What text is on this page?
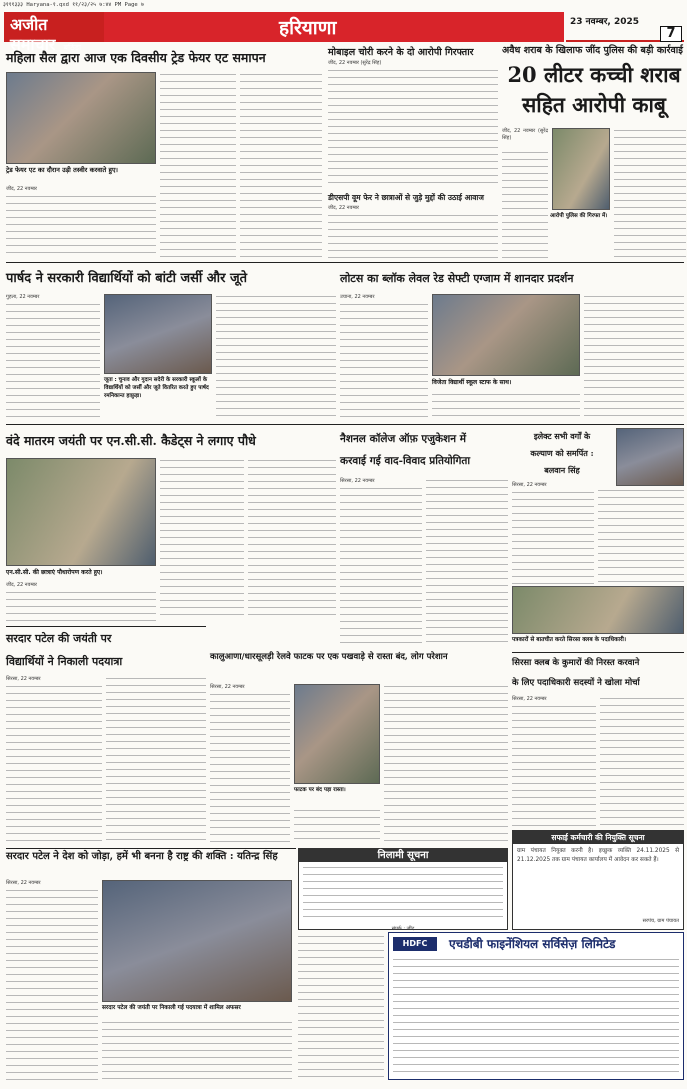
३१११३३३ Haryana-१.qxd ११/२३/२५ ७:४४ PM Page ७
अजीत समाचार बठिंडा
हरियाणा	23 नवम्बर, 2025
7
महिला सैल द्वारा आज एक दिवसीय ट्रेड फेयर एट समापन
ट्रेड फेयर एट का दौरान उड़ी तस्वीर करवाते हुए।
जींद, 22 नवम्बर
मोबाइल चोरी करने के दो आरोपी गिरफ्तार
जींद, 22 नवम्बर (सुरेंद्र सिंह)
डीएसपी वूम फेर ने छात्राओं से जुड़े मुद्दों की उठाई आवाज
जींद, 22 नवम्बर
अवैध शराब के खिलाफ जींद पुलिस की बड़ी कार्रवाई
20 लीटर कच्ची शराब
सहित आरोपी काबू
जींद, 22 नवम्बर (सुरेंद्र सिंह)
आरोपी पुलिस की गिरफ्त में।
पार्षद ने सरकारी विद्यार्थियों को बांटी जर्सी और जूते
गुहला, 22 नवम्बर
जूता : चुनाव और गुदान सदेरी के सरकारी स्कूलों के विद्यार्थियों को जर्सी और जूते वितरित करते हुए पार्षद रमनिकान्त हाफ़ुड़ा।
लोटस का ब्लॉक लेवल रेड सेफ्टी एग्जाम में शानदार प्रदर्शन
उचाना, 22 नवम्बर
विजेता विद्यार्थी स्कूल स्टाफ के साथ।
वंदे मातरम जयंती पर एन.सी.सी. कैडेट्स ने लगाए पौधे
एन.सी.सी. की छात्राएं पौधारोपण करते हुए।
जींद, 22 नवम्बर
नैशनल कॉलेज ऑफ़ एजुकेशन में
करवाई गई वाद-विवाद प्रतियोगिता
सिरसा, 22 नवम्बर
इलेक्ट सभी वर्गों के
कल्याण को समर्पित :
बलवान सिंह
सिरसा, 22 नवम्बर
पत्रकारों से बातचीत करते सिरसा क्लब के पदाधिकारी।
सिरसा क्लब के कुमारों की निरस्त करवाने
के लिए पदाधिकारी सदस्यों ने खोला मोर्चा
सिरसा, 22 नवम्बर
सरदार पटेल की जयंती पर
विद्यार्थियों ने निकाली पदयात्रा
सिरसा, 22 नवम्बर
कालुआणा/धारसूलड़ी रेलवे फाटक पर एक पखवाड़े से रास्ता बंद, लोग परेशान
सिरसा, 22 नवम्बर
फाटक पर बंद पड़ा रास्ता।
निलामी सूचना
संपर्क : जींद
सफाई कर्मचारी की नियुक्ति सूचना
ग्राम पंचायत नियुक्त करनी है। इच्छुक व्यक्ति 24.11.2025 से 21.12.2025 तक ग्राम पंचायत कार्यालय में आवेदन कर सकते हैं।
सरपंच, ग्राम पंचायत
HDFC	एचडीबी फाइनेंशियल सर्विसेज़ लिमिटेड
सरदार पटेल ने देश को जोड़ा, हमें भी बनना है राष्ट्र की शक्ति : यतिन्द्र सिंह
सिरसा, 22 नवम्बर
सरदार पटेल की जयंती पर निकाली गई पदयात्रा में शामिल अफसर
